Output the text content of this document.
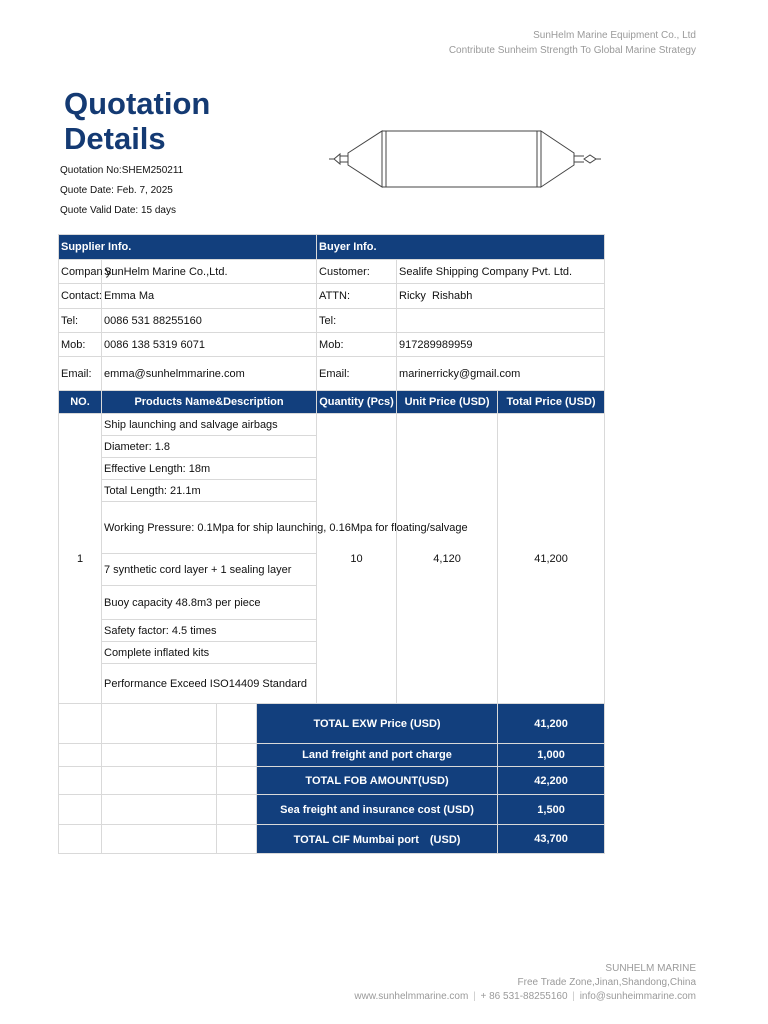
SunHelm Marine Equipment Co., Ltd
Contribute Sunheim Strength To Global Marine Strategy
Quotation
Details
Quotation No:SHEM250211
Quote Date: Feb. 7, 2025
Quote Valid Date: 15 days
Supplier Info.				Buyer Info.		

Compan y:	SunHelm Marine Co.,Ltd.			Customer:	Sealife Shipping Company Pvt. Ltd.	
Contact:	Emma Ma			ATTN:	Ricky  Rishabh	
Tel:	0086 531 88255160			Tel:		
Mob:	0086 138 5319 6071			Mob:	917289989959	
Email:	emma@sunhelmmarine.com			Email:	marinerricky@gmail.com	
NO.	Products Name&Description			Quantity (Pcs)	Unit Price (USD)	Total Price (USD)
1	Ship launching and salvage airbags			10	4,120	41,200
	Diameter: 1.8					
	Effective Length: 18m					
	Total Length: 21.1m					
	Working Pressure: 0.1Mpa for ship launching, 0.16Mpa for floating/salvage					
	7 synthetic cord layer + 1 sealing layer					
	Buoy capacity 48.8m3 per piece					
	Safety factor: 4.5 times					
	Complete inflated kits					
	Performance Exceed ISO14409 Standard					
			TOTAL EXW Price (USD)			41,200
			Land freight and port charge			1,000
			TOTAL FOB AMOUNT(USD)			42,200
			Sea freight and insurance cost (USD)			1,500
			TOTAL CIF Mumbai port　(USD)			43,700
SUNHELM MARINE
Free Trade Zone,Jinan,Shandong,China
www.sunhelmmarine.com | + 86 531-88255160 | info@sunheimmarine.com
